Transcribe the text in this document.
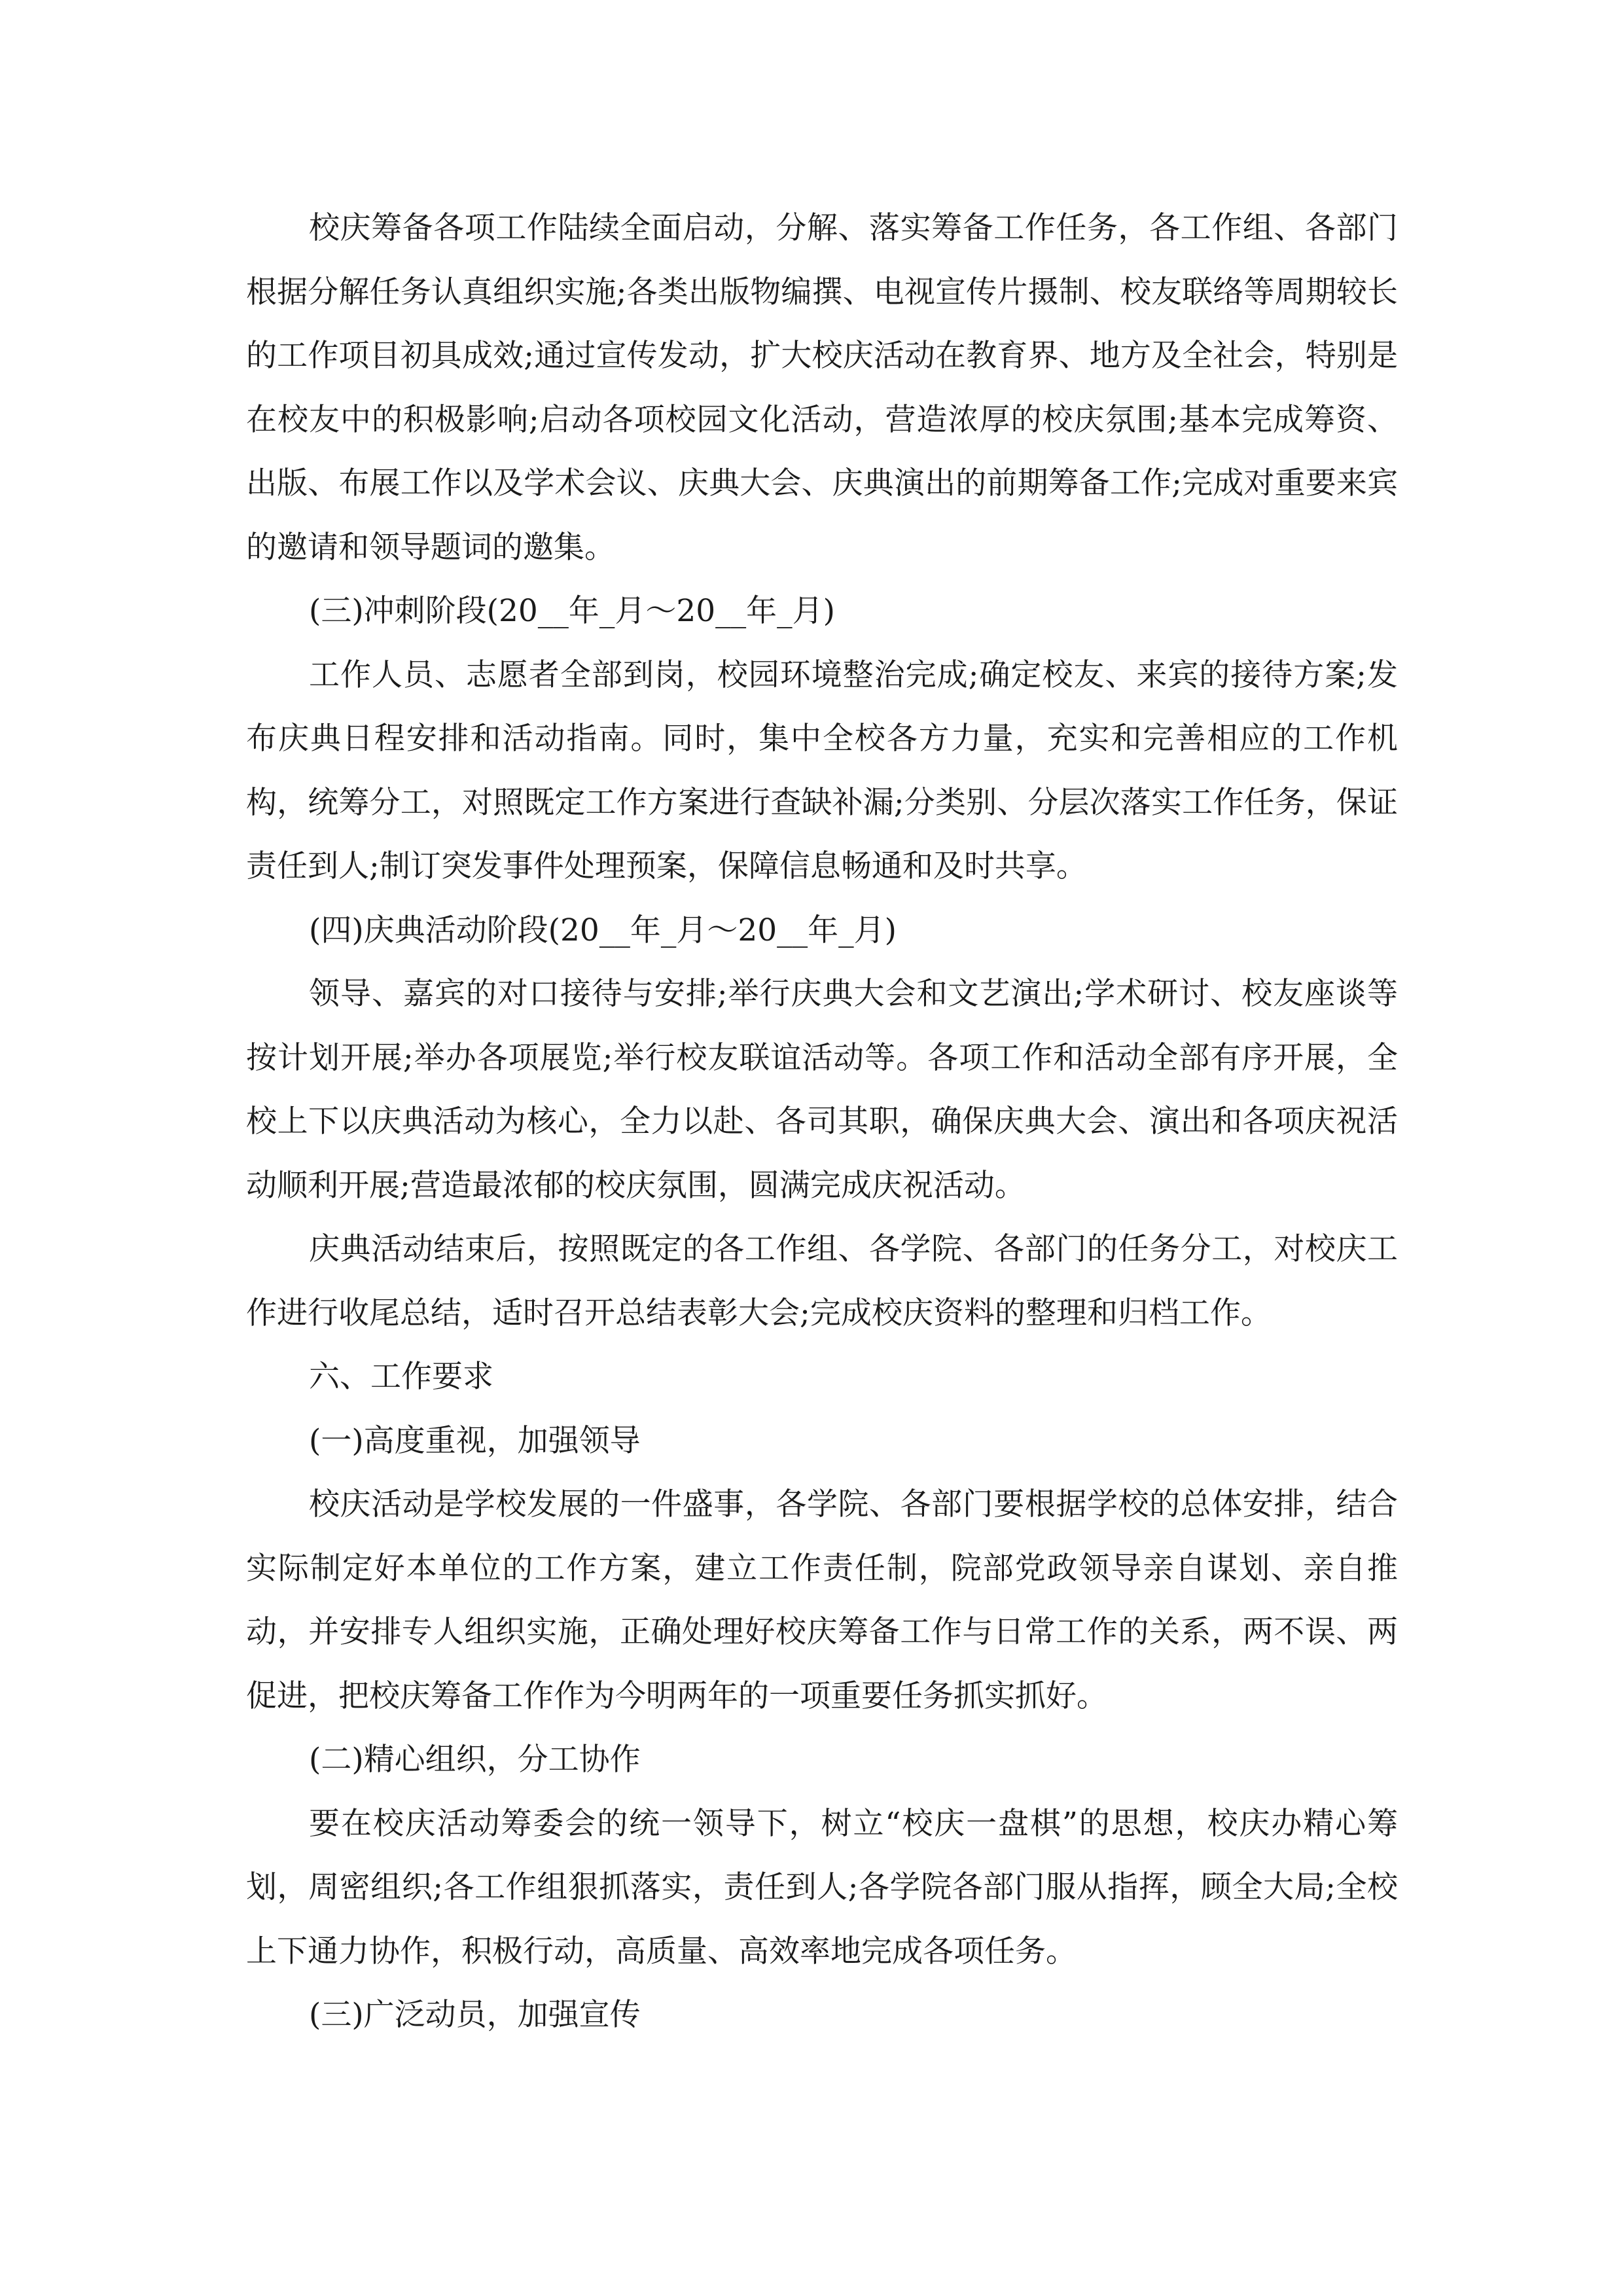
校庆筹备各项工作陆续全面启动，分解、落实筹备工作任务，各工作组、各部门根据分解任务认真组织实施;各类出版物编撰、电视宣传片摄制、校友联络等周期较长的工作项目初具成效;通过宣传发动，扩大校庆活动在教育界、地方及全社会，特别是在校友中的积极影响;启动各项校园文化活动，营造浓厚的校庆氛围;基本完成筹资、出版、布展工作以及学术会议、庆典大会、庆典演出的前期筹备工作;完成对重要来宾的邀请和领导题词的邀集。

(三)冲刺阶段(20__年_月～20__年_月)

工作人员、志愿者全部到岗，校园环境整治完成;确定校友、来宾的接待方案;发布庆典日程安排和活动指南。同时，集中全校各方力量，充实和完善相应的工作机构，统筹分工，对照既定工作方案进行查缺补漏;分类别、分层次落实工作任务，保证责任到人;制订突发事件处理预案，保障信息畅通和及时共享。

(四)庆典活动阶段(20__年_月～20__年_月)

领导、嘉宾的对口接待与安排;举行庆典大会和文艺演出;学术研讨、校友座谈等按计划开展;举办各项展览;举行校友联谊活动等。各项工作和活动全部有序开展，全校上下以庆典活动为核心，全力以赴、各司其职，确保庆典大会、演出和各项庆祝活动顺利开展;营造最浓郁的校庆氛围，圆满完成庆祝活动。

庆典活动结束后，按照既定的各工作组、各学院、各部门的任务分工，对校庆工作进行收尾总结，适时召开总结表彰大会;完成校庆资料的整理和归档工作。

六、工作要求

(一)高度重视，加强领导

校庆活动是学校发展的一件盛事，各学院、各部门要根据学校的总体安排，结合实际制定好本单位的工作方案，建立工作责任制，院部党政领导亲自谋划、亲自推动，并安排专人组织实施，正确处理好校庆筹备工作与日常工作的关系，两不误、两促进，把校庆筹备工作作为今明两年的一项重要任务抓实抓好。

(二)精心组织，分工协作

要在校庆活动筹委会的统一领导下，树立“校庆一盘棋”的思想，校庆办精心筹划，周密组织;各工作组狠抓落实，责任到人;各学院各部门服从指挥，顾全大局;全校上下通力协作，积极行动，高质量、高效率地完成各项任务。

(三)广泛动员，加强宣传
